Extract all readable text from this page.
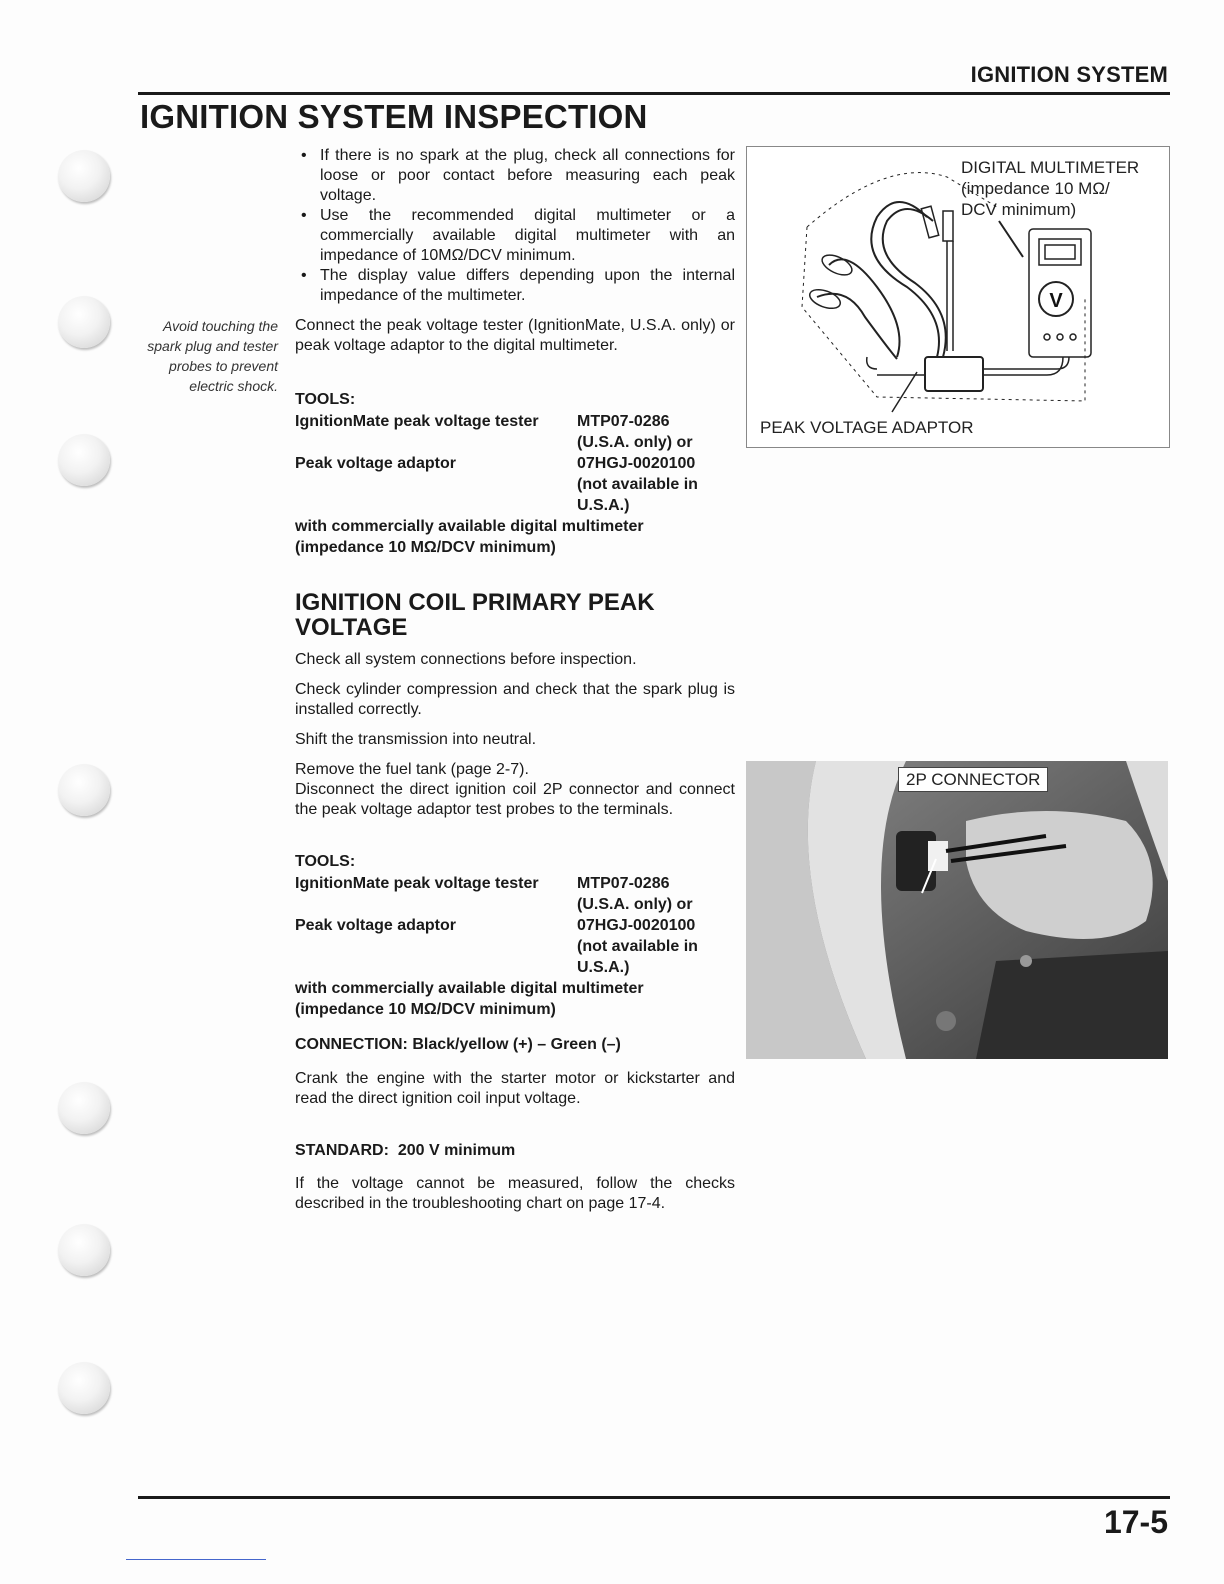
IGNITION SYSTEM
IGNITION SYSTEM INSPECTION
• If there is no spark at the plug, check all connections for loose or poor contact before measuring each peak voltage.
• Use the recommended digital multimeter or a commercially available digital multimeter with an impedance of 10MΩ/DCV minimum.
• The display value differs depending upon the internal impedance of the multimeter.
Avoid touching the spark plug and tester probes to prevent electric shock.
Connect the peak voltage tester (IgnitionMate, U.S.A. only) or peak voltage adaptor to the digital multimeter.
TOOLS:
IgnitionMate peak voltage tester MTP07-0286
(U.S.A. only) or
Peak voltage adaptor	07HGJ-0020100
(not available in
U.S.A.)
with commercially available digital multimeter
(impedance 10 MΩ/DCV minimum)
V
DIGITAL MULTIMETER
(impedance 10 MΩ/
DCV minimum)
PEAK VOLTAGE ADAPTOR
IGNITION COIL PRIMARY PEAK
VOLTAGE
Check all system connections before inspection.
Check cylinder compression and check that the spark plug is installed correctly.
Shift the transmission into neutral.
Remove the fuel tank (page 2-7).
Disconnect the direct ignition coil 2P connector and connect the peak voltage adaptor test probes to the terminals.
TOOLS:
IgnitionMate peak voltage tester MTP07-0286
(U.S.A. only) or
Peak voltage adaptor	07HGJ-0020100
(not available in
U.S.A.)
with commercially available digital multimeter
(impedance 10 MΩ/DCV minimum)
CONNECTION: Black/yellow (+) – Green (–)
Crank the engine with the starter motor or kickstarter and read the direct ignition coil input voltage.
STANDARD: 200 V minimum
If the voltage cannot be measured, follow the checks described in the troubleshooting chart on page 17-4.
2P CONNECTOR
17-5
